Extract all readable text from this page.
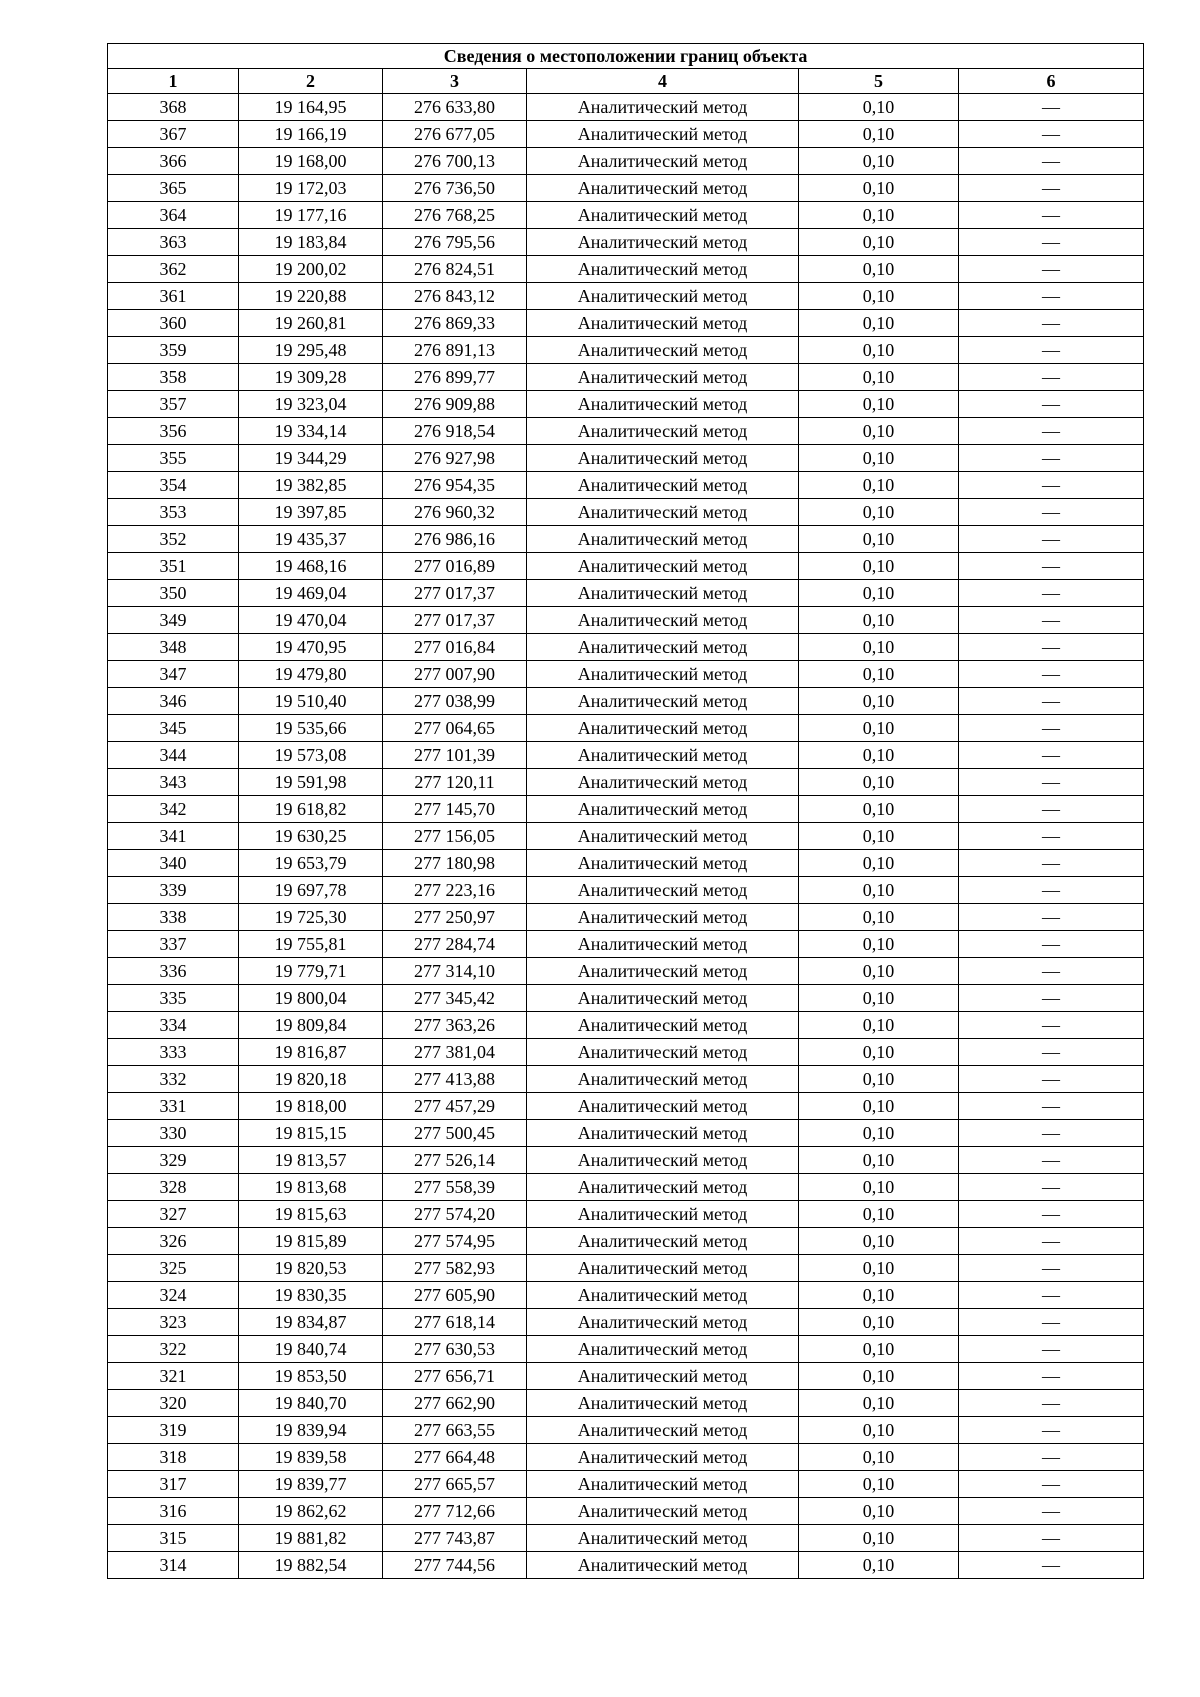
Сведения о местоположении границ объекта					
1	2	3	4	5	6
368	19 164,95	276 633,80	Аналитический метод	0,10	—
367	19 166,19	276 677,05	Аналитический метод	0,10	—
366	19 168,00	276 700,13	Аналитический метод	0,10	—
365	19 172,03	276 736,50	Аналитический метод	0,10	—
364	19 177,16	276 768,25	Аналитический метод	0,10	—
363	19 183,84	276 795,56	Аналитический метод	0,10	—
362	19 200,02	276 824,51	Аналитический метод	0,10	—
361	19 220,88	276 843,12	Аналитический метод	0,10	—
360	19 260,81	276 869,33	Аналитический метод	0,10	—
359	19 295,48	276 891,13	Аналитический метод	0,10	—
358	19 309,28	276 899,77	Аналитический метод	0,10	—
357	19 323,04	276 909,88	Аналитический метод	0,10	—
356	19 334,14	276 918,54	Аналитический метод	0,10	—
355	19 344,29	276 927,98	Аналитический метод	0,10	—
354	19 382,85	276 954,35	Аналитический метод	0,10	—
353	19 397,85	276 960,32	Аналитический метод	0,10	—
352	19 435,37	276 986,16	Аналитический метод	0,10	—
351	19 468,16	277 016,89	Аналитический метод	0,10	—
350	19 469,04	277 017,37	Аналитический метод	0,10	—
349	19 470,04	277 017,37	Аналитический метод	0,10	—
348	19 470,95	277 016,84	Аналитический метод	0,10	—
347	19 479,80	277 007,90	Аналитический метод	0,10	—
346	19 510,40	277 038,99	Аналитический метод	0,10	—
345	19 535,66	277 064,65	Аналитический метод	0,10	—
344	19 573,08	277 101,39	Аналитический метод	0,10	—
343	19 591,98	277 120,11	Аналитический метод	0,10	—
342	19 618,82	277 145,70	Аналитический метод	0,10	—
341	19 630,25	277 156,05	Аналитический метод	0,10	—
340	19 653,79	277 180,98	Аналитический метод	0,10	—
339	19 697,78	277 223,16	Аналитический метод	0,10	—
338	19 725,30	277 250,97	Аналитический метод	0,10	—
337	19 755,81	277 284,74	Аналитический метод	0,10	—
336	19 779,71	277 314,10	Аналитический метод	0,10	—
335	19 800,04	277 345,42	Аналитический метод	0,10	—
334	19 809,84	277 363,26	Аналитический метод	0,10	—
333	19 816,87	277 381,04	Аналитический метод	0,10	—
332	19 820,18	277 413,88	Аналитический метод	0,10	—
331	19 818,00	277 457,29	Аналитический метод	0,10	—
330	19 815,15	277 500,45	Аналитический метод	0,10	—
329	19 813,57	277 526,14	Аналитический метод	0,10	—
328	19 813,68	277 558,39	Аналитический метод	0,10	—
327	19 815,63	277 574,20	Аналитический метод	0,10	—
326	19 815,89	277 574,95	Аналитический метод	0,10	—
325	19 820,53	277 582,93	Аналитический метод	0,10	—
324	19 830,35	277 605,90	Аналитический метод	0,10	—
323	19 834,87	277 618,14	Аналитический метод	0,10	—
322	19 840,74	277 630,53	Аналитический метод	0,10	—
321	19 853,50	277 656,71	Аналитический метод	0,10	—
320	19 840,70	277 662,90	Аналитический метод	0,10	—
319	19 839,94	277 663,55	Аналитический метод	0,10	—
318	19 839,58	277 664,48	Аналитический метод	0,10	—
317	19 839,77	277 665,57	Аналитический метод	0,10	—
316	19 862,62	277 712,66	Аналитический метод	0,10	—
315	19 881,82	277 743,87	Аналитический метод	0,10	—
314	19 882,54	277 744,56	Аналитический метод	0,10	—
